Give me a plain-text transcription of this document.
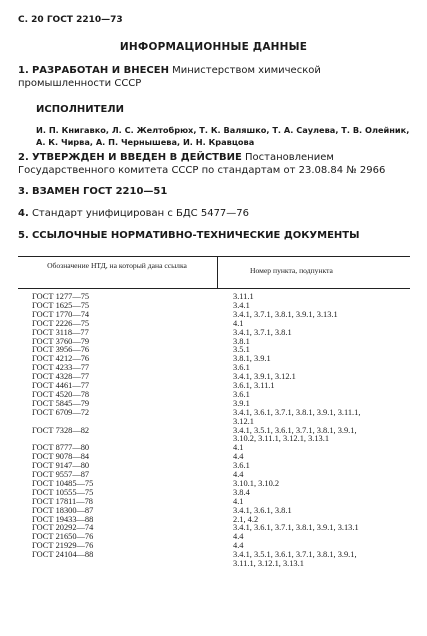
С. 20 ГОСТ 2210—73
ИНФОРМАЦИОННЫЕ ДАННЫЕ
1. РАЗРАБОТАН И ВНЕСЕН Министерством химической промышленности СССР
ИСПОЛНИТЕЛИ
И. П. Книгавко, Л. С. Желтобрюх, Т. К. Валяшко, Т. А. Саулева, Т. В. Олейник, А. К. Чирва, А. П. Чернышева, И. Н. Кравцова
2. УТВЕРЖДЕН И ВВЕДЕН В ДЕЙСТВИЕ Постановлением Государственного комитета СССР по стандартам от 23.08.84 № 2966
3. ВЗАМЕН ГОСТ 2210—51
4. Стандарт унифицирован с БДС 5477—76
5. ССЫЛОЧНЫЕ НОРМАТИВНО-ТЕХНИЧЕСКИЕ ДОКУМЕНТЫ
Обозначение НТД, на который дана ссылка
Номер пункта, подпункта
ГОСТ 1277—75	3.11.1
ГОСТ 1625—75	3.4.1
ГОСТ 1770—74	3.4.1, 3.7.1, 3.8.1, 3.9.1, 3.13.1
ГОСТ 2226—75	4.1
ГОСТ 3118—77	3.4.1, 3.7.1, 3.8.1
ГОСТ 3760—79	3.8.1
ГОСТ 3956—76	3.5.1
ГОСТ 4212—76	3.8.1, 3.9.1
ГОСТ 4233—77	3.6.1
ГОСТ 4328—77	3.4.1, 3.9.1, 3.12.1
ГОСТ 4461—77	3.6.1, 3.11.1
ГОСТ 4520—78	3.6.1
ГОСТ 5845—79	3.9.1
ГОСТ 6709—72	3.4.1, 3.6.1, 3.7.1, 3.8.1, 3.9.1, 3.11.1,
3.12.1
ГОСТ 7328—82	3.4.1, 3.5.1, 3.6.1, 3.7.1, 3.8.1, 3.9.1,
3.10.2, 3.11.1, 3.12.1, 3.13.1
ГОСТ 8777—80	4.1
ГОСТ 9078—84	4.4
ГОСТ 9147—80	3.6.1
ГОСТ 9557—87	4.4
ГОСТ 10485—75	3.10.1, 3.10.2
ГОСТ 10555—75	3.8.4
ГОСТ 17811—78	4.1
ГОСТ 18300—87	3.4.1, 3.6.1, 3.8.1
ГОСТ 19433—88	2.1, 4.2
ГОСТ 20292—74	3.4.1, 3.6.1, 3.7.1, 3.8.1, 3.9.1, 3.13.1
ГОСТ 21650—76	4.4
ГОСТ 21929—76	4.4
ГОСТ 24104—88	3.4.1, 3.5.1, 3.6.1, 3.7.1, 3.8.1, 3.9.1,
3.11.1, 3.12.1, 3.13.1
